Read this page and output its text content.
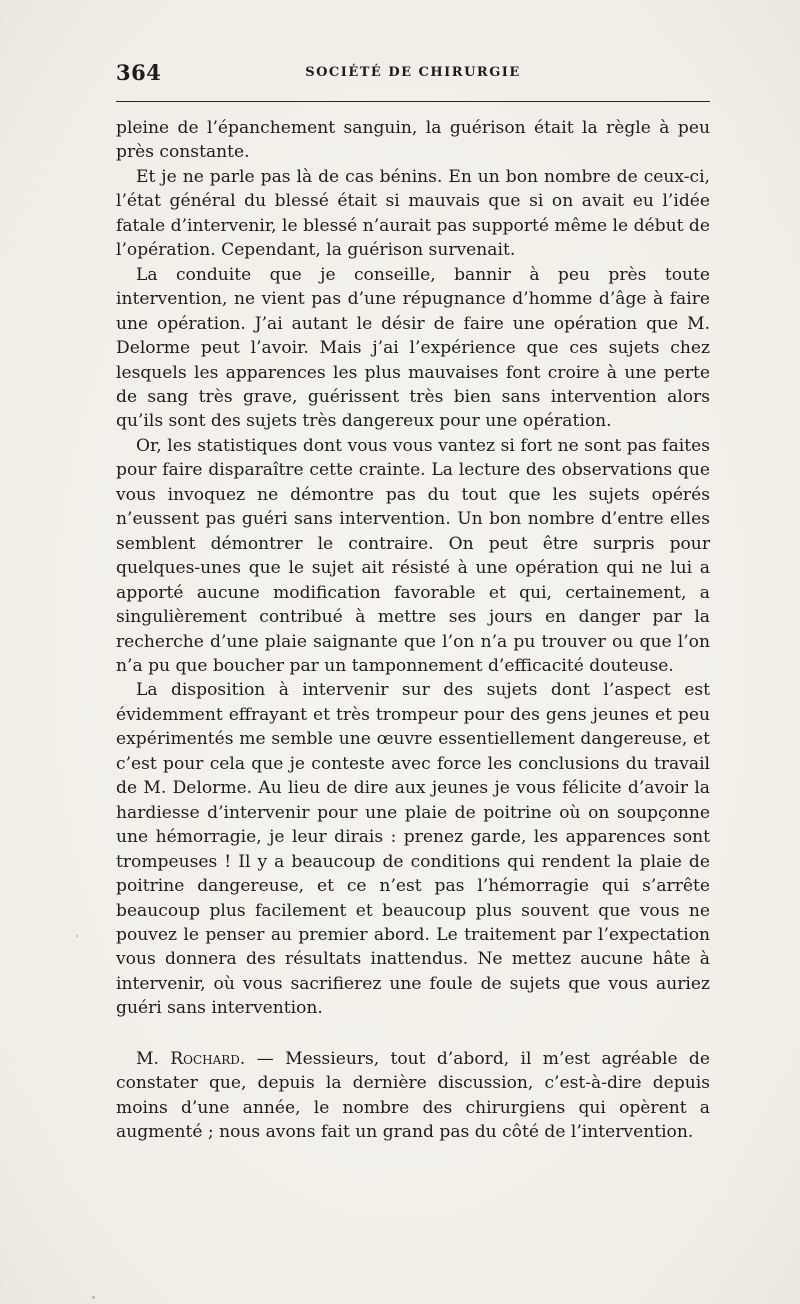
364	SOCIÉTÉ DE CHIRURGIE

pleine de l’épanchement sanguin, la guérison était la règle à peu près constante.

Et je ne parle pas là de cas bénins. En un bon nombre de ceux-ci, l’état général du blessé était si mauvais que si on avait eu l’idée fatale d’intervenir, le blessé n’aurait pas supporté même le début de l’opération. Cependant, la guérison survenait.

La conduite que je conseille, bannir à peu près toute intervention, ne vient pas d’une répugnance d’homme d’âge à faire une opération. J’ai autant le désir de faire une opération que M. Delorme peut l’avoir. Mais j’ai l’expérience que ces sujets chez lesquels les apparences les plus mauvaises font croire à une perte de sang très grave, guérissent très bien sans intervention alors qu’ils sont des sujets très dangereux pour une opération.

Or, les statistiques dont vous vous vantez si fort ne sont pas faites pour faire disparaître cette crainte. La lecture des observations que vous invoquez ne démontre pas du tout que les sujets opérés n’eussent pas guéri sans intervention. Un bon nombre d’entre elles semblent démontrer le contraire. On peut être surpris pour quelques-unes que le sujet ait résisté à une opération qui ne lui a apporté aucune modification favorable et qui, certainement, a singulièrement contribué à mettre ses jours en danger par la recherche d’une plaie saignante que l’on n’a pu trouver ou que l’on n’a pu que boucher par un tamponnement d’efficacité douteuse.

La disposition à intervenir sur des sujets dont l’aspect est évidemment effrayant et très trompeur pour des gens jeunes et peu expérimentés me semble une œuvre essentiellement dangereuse, et c’est pour cela que je conteste avec force les conclusions du travail de M. Delorme. Au lieu de dire aux jeunes je vous félicite d’avoir la hardiesse d’intervenir pour une plaie de poitrine où on soupçonne une hémorragie, je leur dirais : prenez garde, les apparences sont trompeuses ! Il y a beaucoup de conditions qui rendent la plaie de poitrine dangereuse, et ce n’est pas l’hémorragie qui s’arrête beaucoup plus facilement et beaucoup plus souvent que vous ne pouvez le penser au premier abord. Le traitement par l’expectation vous donnera des résultats inattendus. Ne mettez aucune hâte à intervenir, où vous sacrifierez une foule de sujets que vous auriez guéri sans intervention.

M. Rochard. — Messieurs, tout d’abord, il m’est agréable de constater que, depuis la dernière discussion, c’est-à-dire depuis moins d’une année, le nombre des chirurgiens qui opèrent a augmenté ; nous avons fait un grand pas du côté de l’intervention.
